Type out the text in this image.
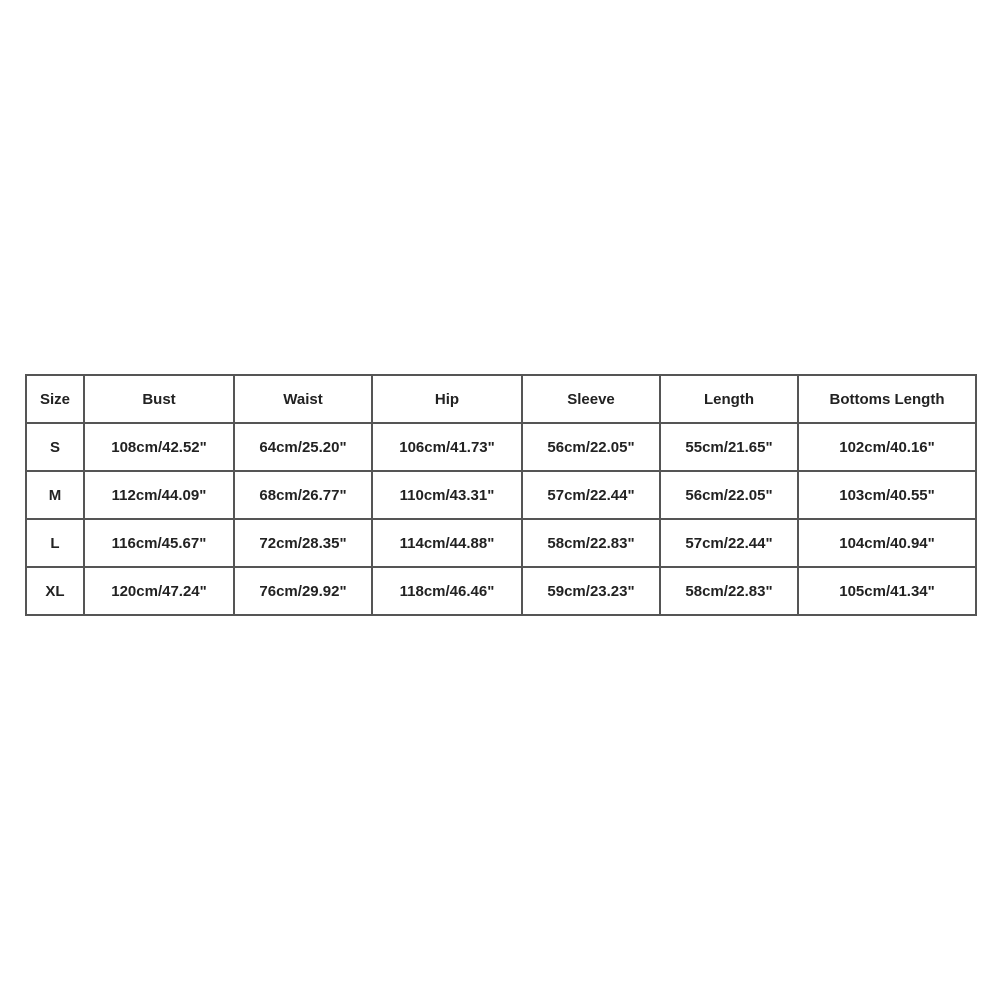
Size	Bust	Waist	Hip	Sleeve	Length	Bottoms Length
S	108cm/42.52"	64cm/25.20"	106cm/41.73"	56cm/22.05"	55cm/21.65"	102cm/40.16"
M	112cm/44.09"	68cm/26.77"	110cm/43.31"	57cm/22.44"	56cm/22.05"	103cm/40.55"
L	116cm/45.67"	72cm/28.35"	114cm/44.88"	58cm/22.83"	57cm/22.44"	104cm/40.94"
XL	120cm/47.24"	76cm/29.92"	118cm/46.46"	59cm/23.23"	58cm/22.83"	105cm/41.34"
